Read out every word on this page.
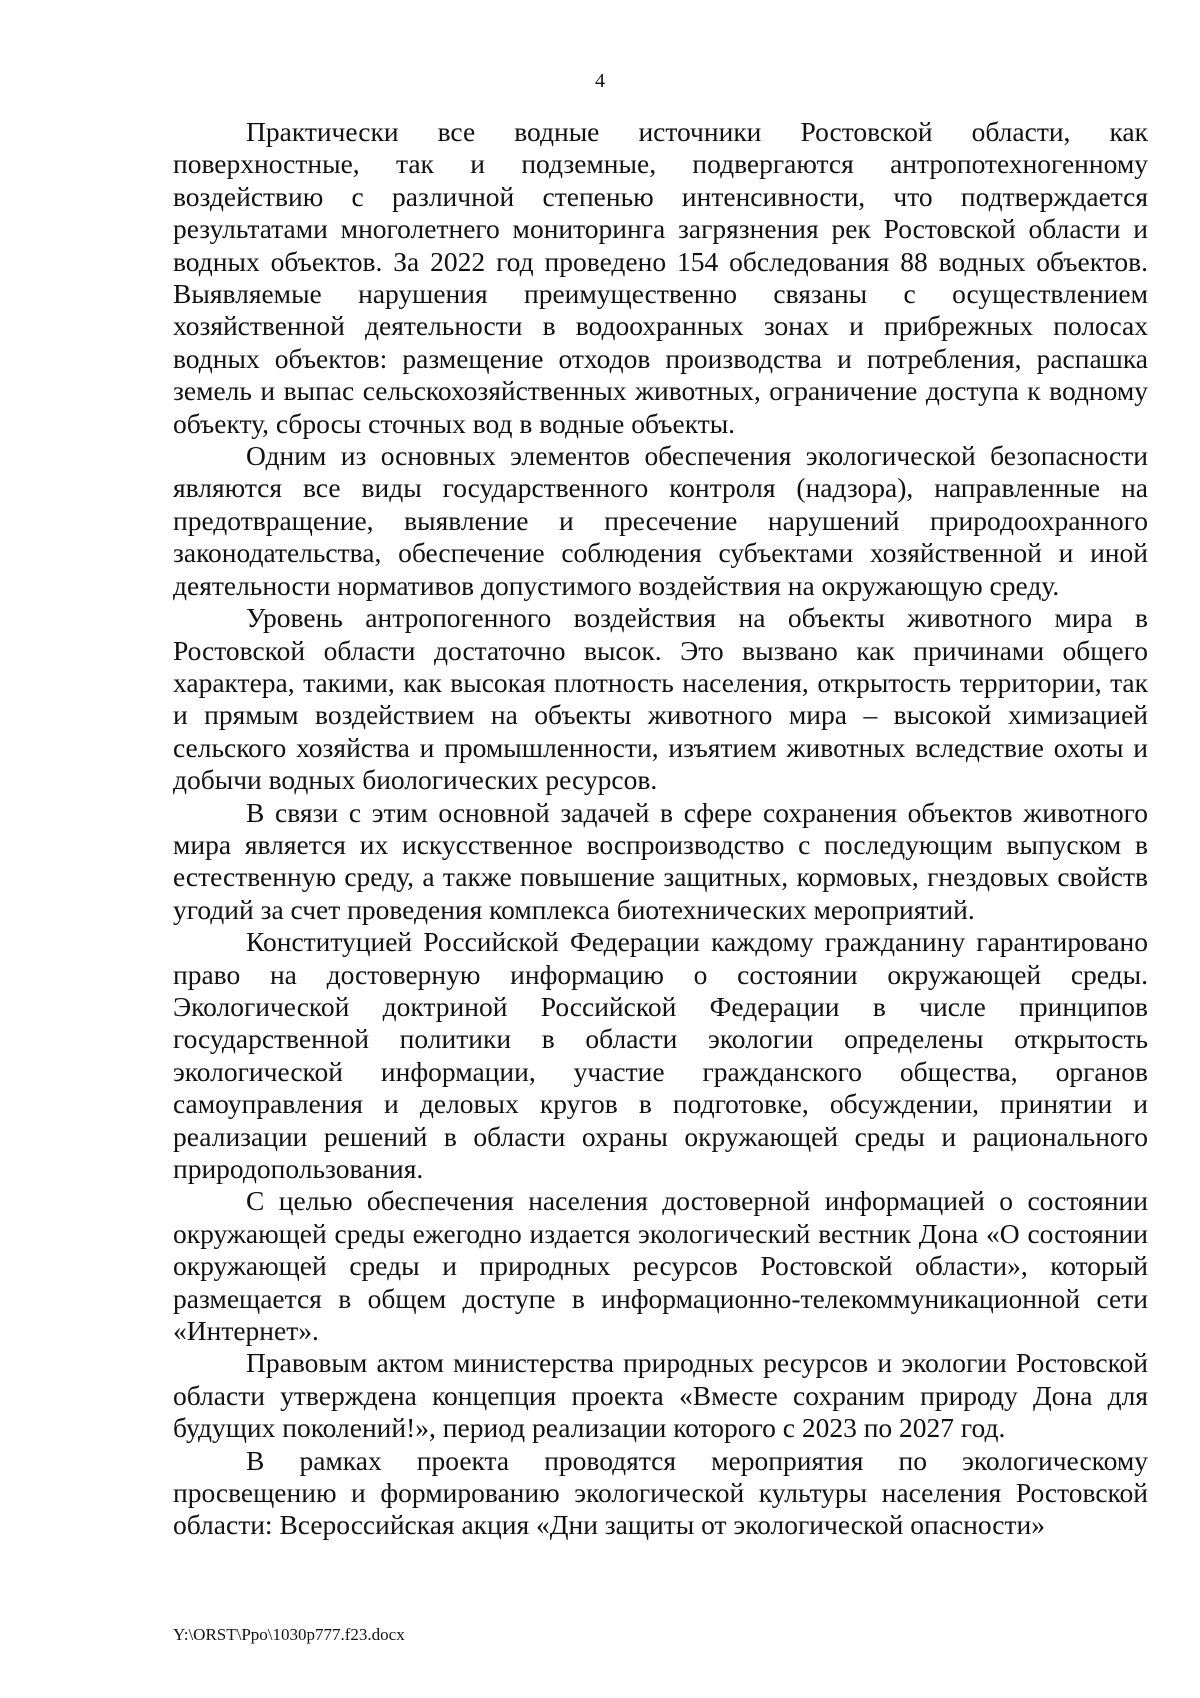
4

Практически все водные источники Ростовской области, как поверхностные, так и подземные, подвергаются антропотехногенному воздействию с различной степенью интенсивности, что подтверждается результатами многолетнего мониторинга загрязнения рек Ростовской области и водных объектов. За 2022 год проведено 154 обследования 88 водных объектов. Выявляемые нарушения преимущественно связаны с осуществлением хозяйственной деятельности в водоохранных зонах и прибрежных полосах водных объектов: размещение отходов производства и потребления, распашка земель и выпас сельскохозяйственных животных, ограничение доступа к водному объекту, сбросы сточных вод в водные объекты.

Одним из основных элементов обеспечения экологической безопасности являются все виды государственного контроля (надзора), направленные на предотвращение, выявление и пресечение нарушений природоохранного законодательства, обеспечение соблюдения субъектами хозяйственной и иной деятельности нормативов допустимого воздействия на окружающую среду.

Уровень антропогенного воздействия на объекты животного мира в Ростовской области достаточно высок. Это вызвано как причинами общего характера, такими, как высокая плотность населения, открытость территории, так и прямым воздействием на объекты животного мира – высокой химизацией сельского хозяйства и промышленности, изъятием животных вследствие охоты и добычи водных биологических ресурсов.

В связи с этим основной задачей в сфере сохранения объектов животного мира является их искусственное воспроизводство с последующим выпуском в естественную среду, а также повышение защитных, кормовых, гнездовых свойств угодий за счет проведения комплекса биотехнических мероприятий.

Конституцией Российской Федерации каждому гражданину гарантировано право на достоверную информацию о состоянии окружающей среды. Экологической доктриной Российской Федерации в числе принципов государственной политики в области экологии определены открытость экологической информации, участие гражданского общества, органов самоуправления и деловых кругов в подготовке, обсуждении, принятии и реализации решений в области охраны окружающей среды и рационального природопользования.

С целью обеспечения населения достоверной информацией о состоянии окружающей среды ежегодно издается экологический вестник Дона «О состоянии окружающей среды и природных ресурсов Ростовской области», который размещается в общем доступе в информационно-телекоммуникационной сети «Интернет».

Правовым актом министерства природных ресурсов и экологии Ростовской области утверждена концепция проекта «Вместе сохраним природу Дона для будущих поколений!», период реализации которого с 2023 по 2027 год.

В рамках проекта проводятся мероприятия по экологическому просвещению и формированию экологической культуры населения Ростовской области: Всероссийская акция «Дни защиты от экологической опасности»

Y:\ORST\Ppo\1030p777.f23.docx
